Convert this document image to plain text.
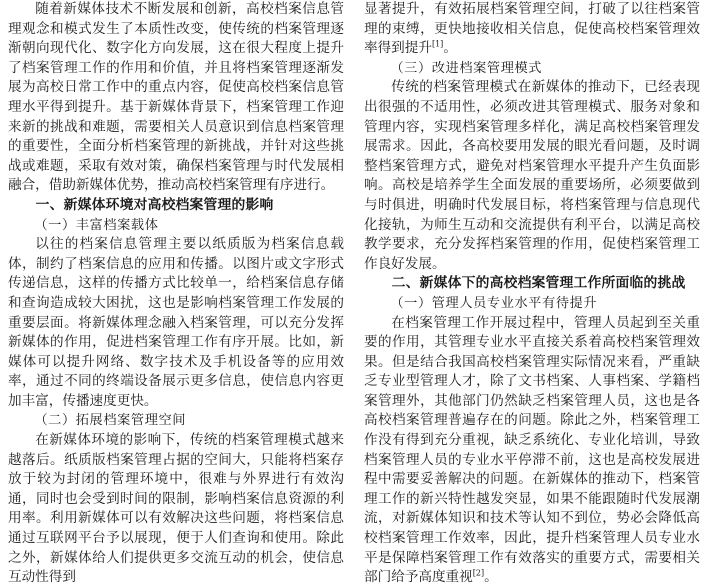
随着新媒体技术不断发展和创新，高校档案信息管理观念和模式发生了本质性改变，使传统的档案管理逐渐朝向现代化、数字化方向发展，这在很大程度上提升了档案管理工作的作用和价值，并且将档案管理逐渐发展为高校日常工作中的重点内容，促使高校档案信息管理水平得到提升。基于新媒体背景下，档案管理工作迎来新的挑战和难题，需要相关人员意识到信息档案管理的重要性，全面分析档案管理的新挑战，并针对这些挑战或难题，采取有效对策，确保档案管理与时代发展相融合，借助新媒体优势，推动高校档案管理有序进行。

一、新媒体环境对高校档案管理的影响
（一）丰富档案载体

以往的档案信息管理主要以纸质版为档案信息载体，制约了档案信息的应用和传播。以图片或文字形式传递信息，这样的传播方式比较单一，给档案信息存储和查询造成较大困扰，这也是影响档案管理工作发展的重要层面。将新媒体理念融入档案管理，可以充分发挥新媒体的作用，促进档案管理工作有序开展。比如，新媒体可以提升网络、数字技术及手机设备等的应用效率，通过不同的终端设备展示更多信息，使信息内容更加丰富，传播速度更快。

（二）拓展档案管理空间

在新媒体环境的影响下，传统的档案管理模式越来越落后。纸质版档案管理占据的空间大，只能将档案存放于较为封闭的管理环境中，很难与外界进行有效沟通，同时也会受到时间的限制，影响档案信息资源的利用率。利用新媒体可以有效解决这些问题，将档案信息通过互联网平台予以展现，便于人们查询和使用。除此之外，新媒体给人们提供更多交流互动的机会，使信息互动性得到

显著提升，有效拓展档案管理空间，打破了以往档案管理的束缚，更快地接收相关信息，促使高校档案管理效率得到提升[1]。

（三）改进档案管理模式

传统的档案管理模式在新媒体的推动下，已经表现出很强的不适用性，必须改进其管理模式、服务对象和管理内容，实现档案管理多样化，满足高校档案管理发展需求。因此，各高校要用发展的眼光看问题，及时调整档案管理方式，避免对档案管理水平提升产生负面影响。高校是培养学生全面发展的重要场所，必须要做到与时俱进，明确时代发展目标，将档案管理与信息现代化接轨，为师生互动和交流提供有利平台，以满足高校教学要求，充分发挥档案管理的作用，促使档案管理工作良好发展。

二、新媒体下的高校档案管理工作所面临的挑战
（一）管理人员专业水平有待提升

在档案管理工作开展过程中，管理人员起到至关重要的作用，其管理专业水平直接关系着高校档案管理效果。但是结合我国高校档案管理实际情况来看，严重缺乏专业型管理人才，除了文书档案、人事档案、学籍档案管理外，其他部门仍然缺乏档案管理人员，这也是各高校档案管理普遍存在的问题。除此之外，档案管理工作没有得到充分重视，缺乏系统化、专业化培训，导致档案管理人员的专业水平停滞不前，这也是高校发展进程中需要妥善解决的问题。在新媒体的推动下，档案管理工作的新兴特性越发突显，如果不能跟随时代发展潮流，对新媒体知识和技术等认知不到位，势必会降低高校档案管理工作效率，因此，提升档案管理人员专业水平是保障档案管理工作有效落实的重要方式，需要相关部门给予高度重视[2]。
